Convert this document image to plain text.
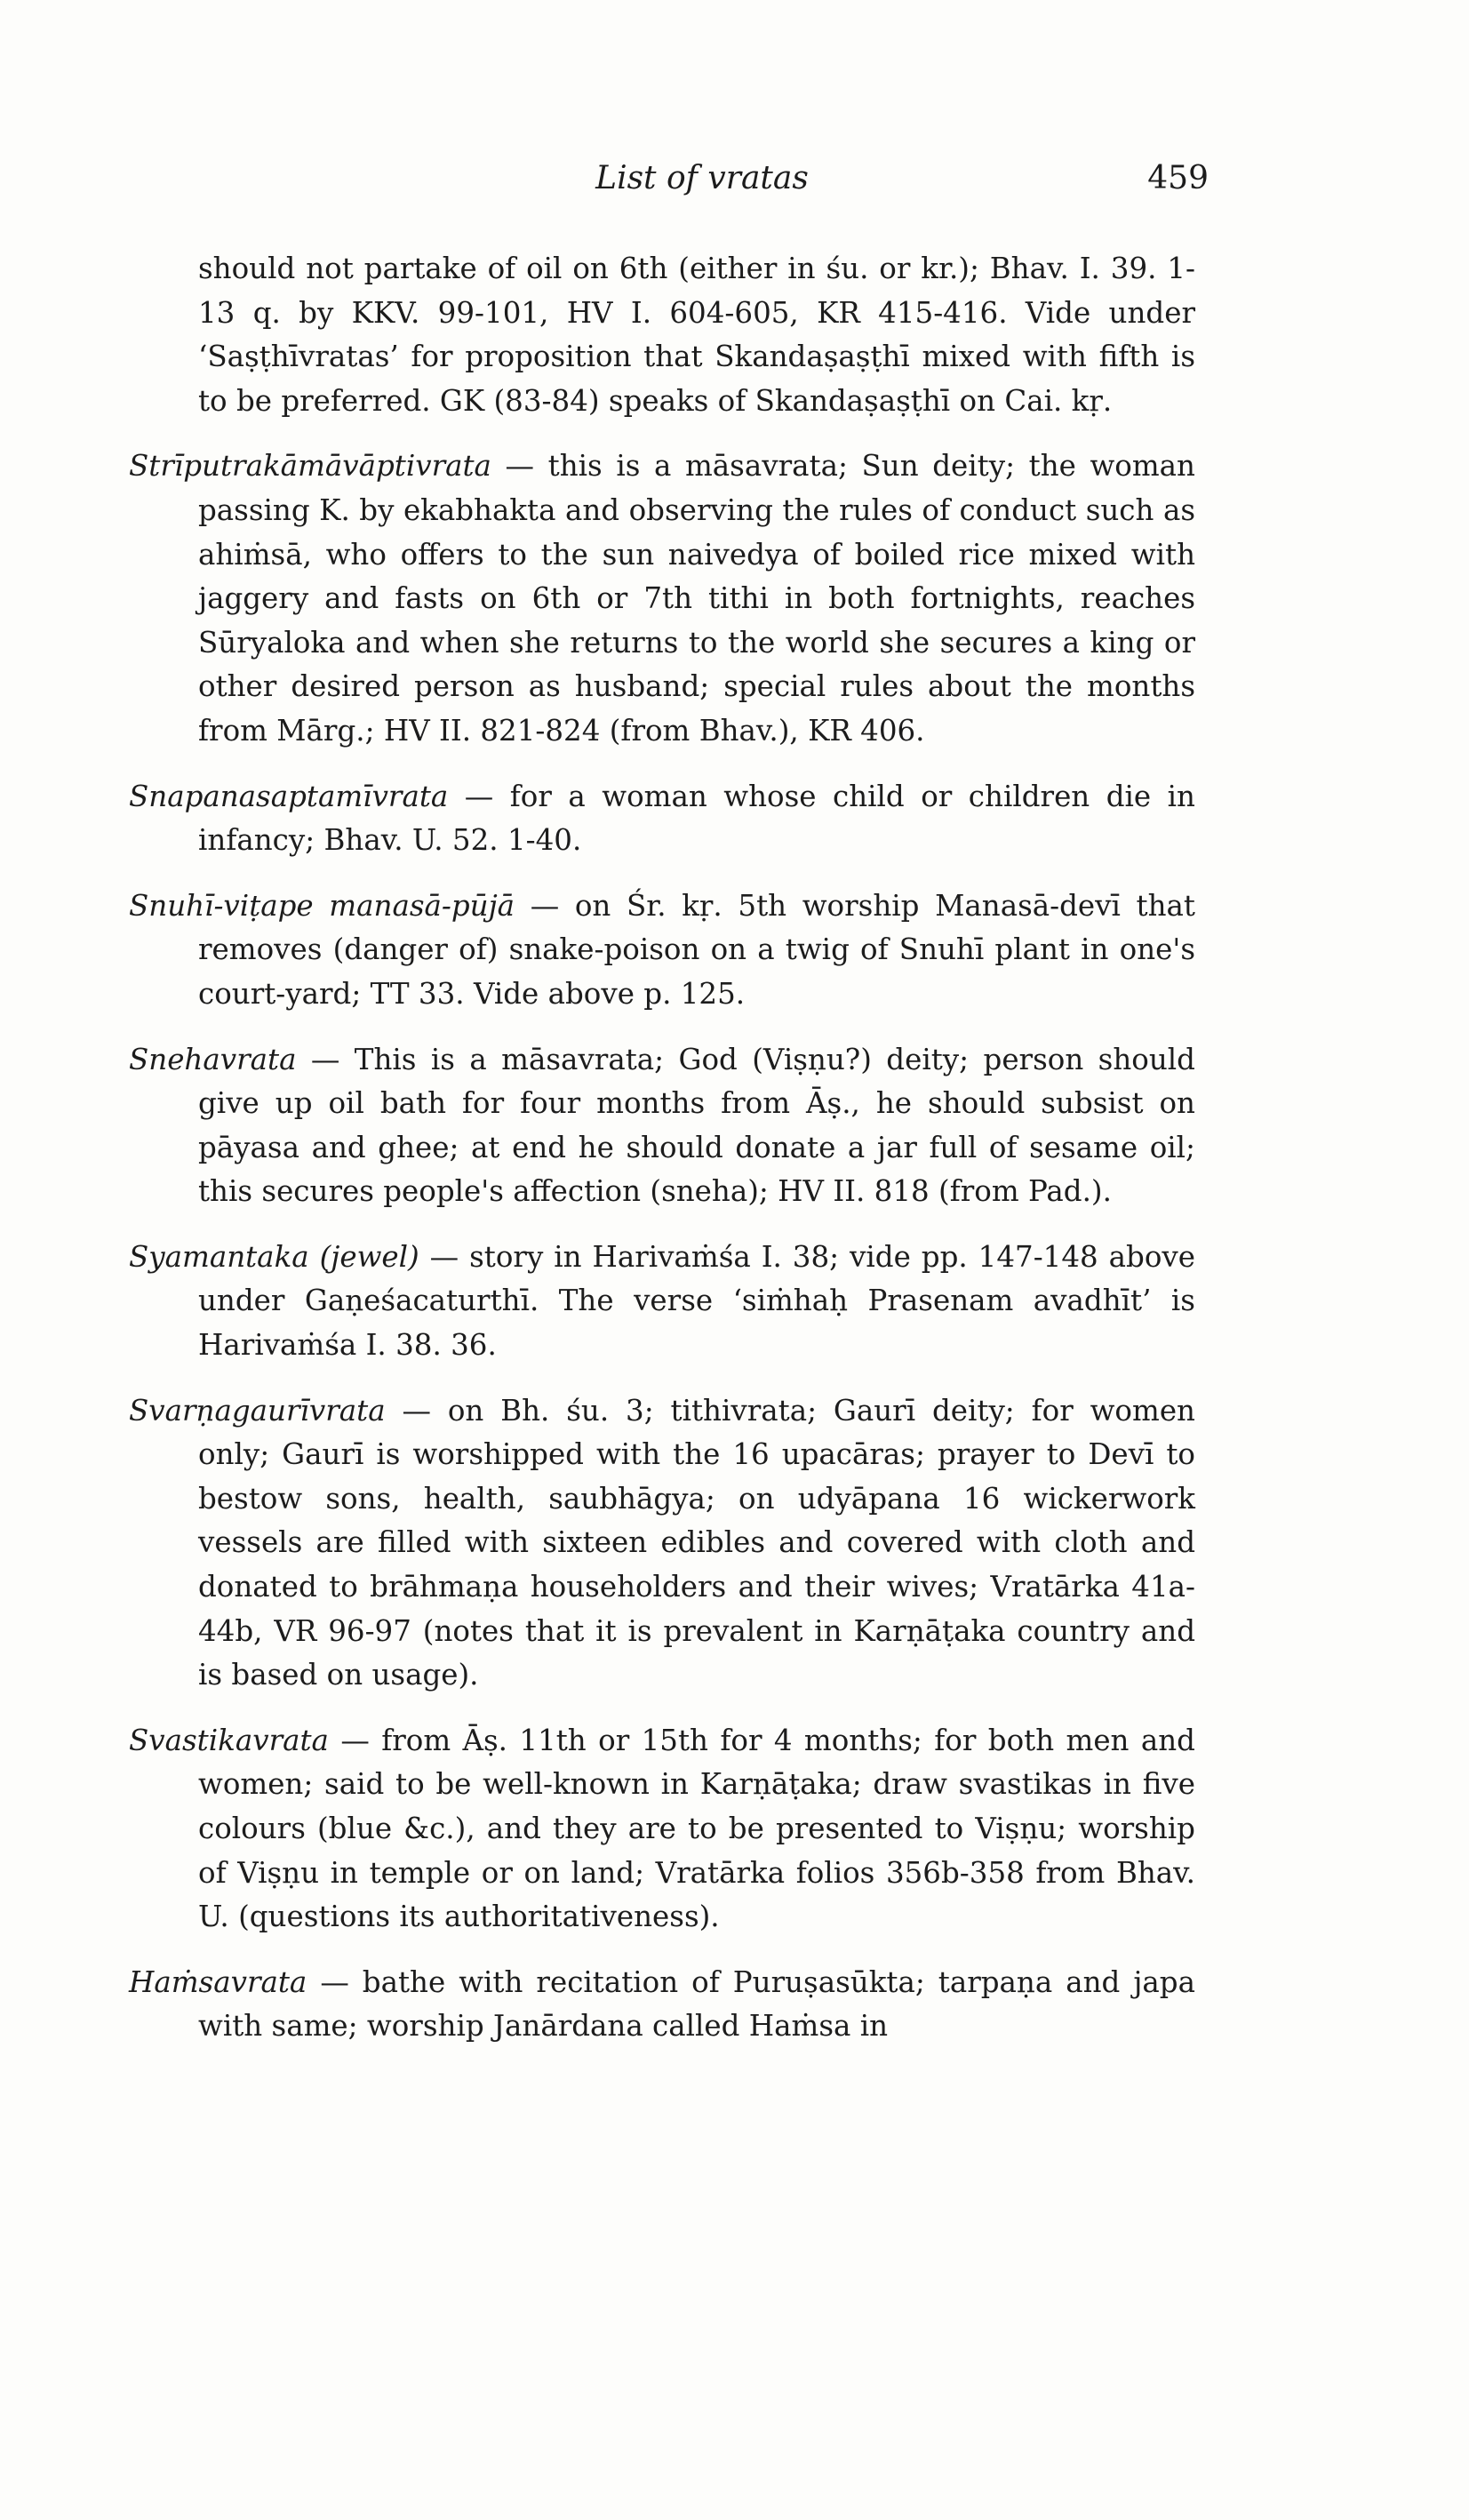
List of vratas	459

should not partake of oil on 6th (either in śu. or kr.); Bhav. I. 39. 1-13 q. by KKV. 99-101, HV I. 604-605, KR 415-416. Vide under ‘Saṣṭhīvratas’ for proposition that Skandaṣaṣṭhī mixed with fifth is to be preferred. GK (83-84) speaks of Skandaṣaṣṭhī on Cai. kṛ.

Strīputrakāmāvāptivrata — this is a māsavrata; Sun deity; the woman passing K. by ekabhakta and observing the rules of conduct such as ahiṁsā, who offers to the sun naivedya of boiled rice mixed with jaggery and fasts on 6th or 7th tithi in both fortnights, reaches Sūryaloka and when she returns to the world she secures a king or other desired person as husband; special rules about the months from Mārg.; HV II. 821-824 (from Bhav.), KR 406.

Snapanasaptamīvrata — for a woman whose child or children die in infancy; Bhav. U. 52. 1-40.

Snuhī-viṭape manasā-pūjā — on Śr. kṛ. 5th worship Manasā-devī that removes (danger of) snake-poison on a twig of Snuhī plant in one's court-yard; TT 33. Vide above p. 125.

Snehavrata — This is a māsavrata; God (Viṣṇu?) deity; person should give up oil bath for four months from Āṣ., he should subsist on pāyasa and ghee; at end he should donate a jar full of sesame oil; this secures people's affection (sneha); HV II. 818 (from Pad.).

Syamantaka (jewel) — story in Harivaṁśa I. 38; vide pp. 147-148 above under Gaṇeśacaturthī. The verse ‘siṁhaḥ Prasenam avadhīt’ is Harivaṁśa I. 38. 36.

Svarṇagaurīvrata — on Bh. śu. 3; tithivrata; Gaurī deity; for women only; Gaurī is worshipped with the 16 upacāras; prayer to Devī to bestow sons, health, saubhāgya; on udyāpana 16 wickerwork vessels are filled with sixteen edibles and covered with cloth and donated to brāhmaṇa householders and their wives; Vratārka 41a-44b, VR 96-97 (notes that it is prevalent in Karṇāṭaka country and is based on usage).

Svastikavrata — from Āṣ. 11th or 15th for 4 months; for both men and women; said to be well-known in Karṇāṭaka; draw svastikas in five colours (blue &c.), and they are to be presented to Viṣṇu; worship of Viṣṇu in temple or on land; Vratārka folios 356b-358 from Bhav. U. (questions its authoritativeness).

Haṁsavrata — bathe with recitation of Puruṣasūkta; tarpaṇa and japa with same; worship Janārdana called Haṁsa in
